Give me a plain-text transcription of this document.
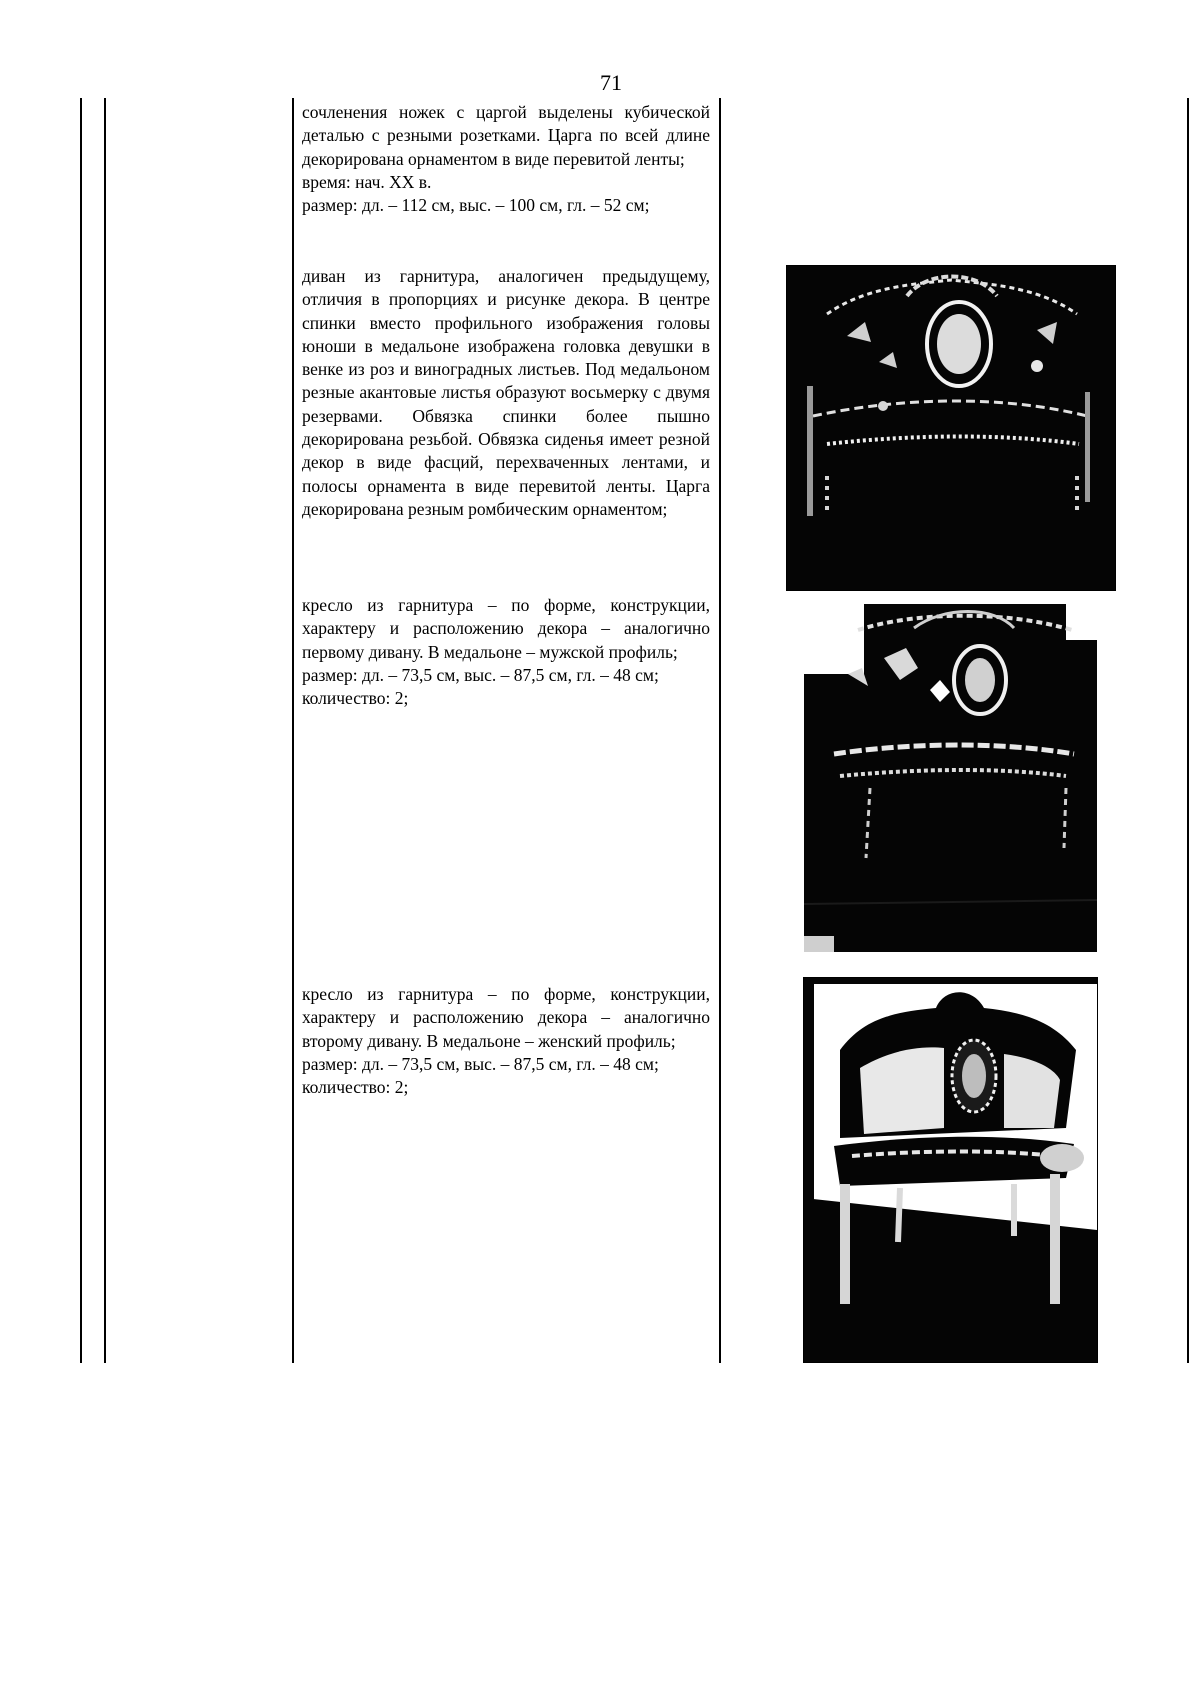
71

сочленения ножек с царгой выделены кубической деталью с резными розетками. Царга по всей длине декорирована орнаментом в виде перевитой ленты;

время: нач. XX в.

размер: дл. – 112 см, выс. – 100 см, гл. – 52 см;

диван из гарнитура, аналогичен предыдущему, отличия в пропорциях и рисунке декора. В центре спинки вместо профильного изображения головы юноши в медальоне изображена головка девушки в венке из роз и виноградных листьев. Под медальоном резные акантовые листья образуют восьмерку с двумя резервами. Обвязка спинки более пышно декорирована резьбой. Обвязка сиденья имеет резной декор в виде фасций, перехваченных лентами, и полосы орнамента в виде перевитой ленты. Царга декорирована резным ромбическим орнаментом;

кресло из гарнитура – по форме, конструкции, характеру и расположению декора – аналогично первому дивану. В медальоне – мужской профиль;

размер: дл. – 73,5 см, выс. – 87,5 см, гл. – 48 см;

количество: 2;

кресло из гарнитура – по форме, конструкции, характеру и расположению декора – аналогично второму дивану. В медальоне – женский профиль;

размер: дл. – 73,5 см, выс. – 87,5 см, гл. – 48 см;

количество: 2;
